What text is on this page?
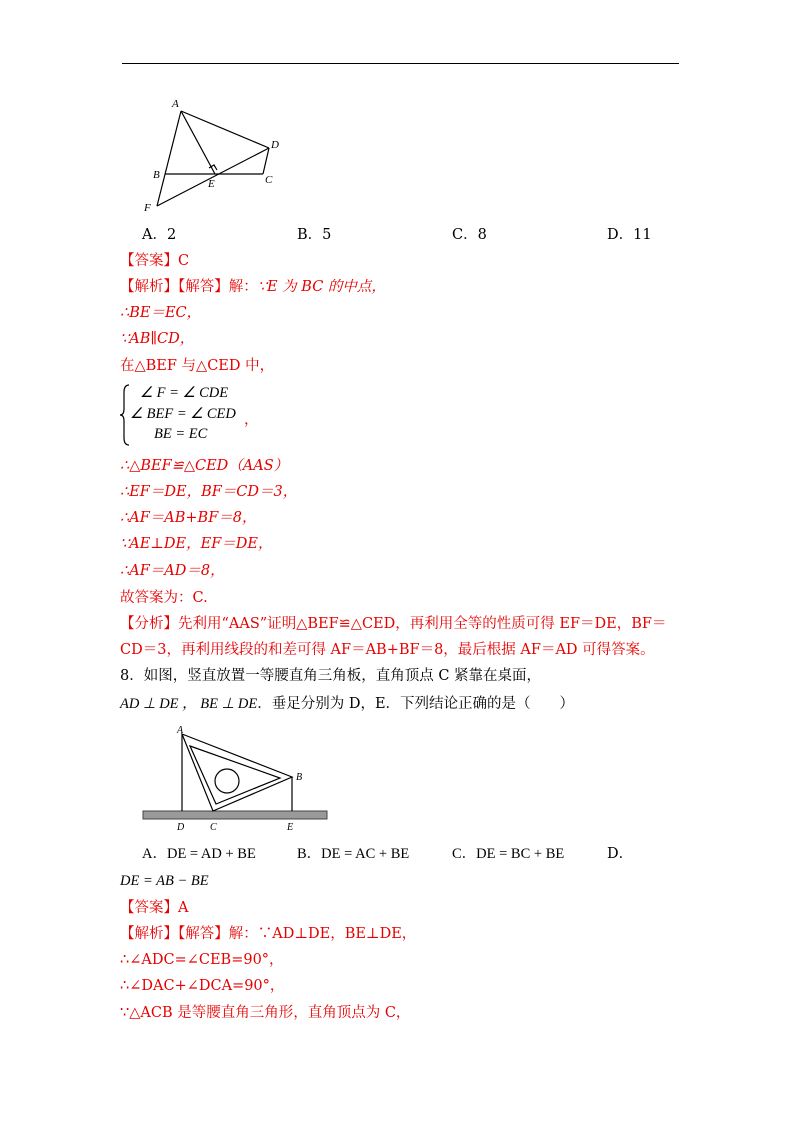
A
D
B
E	C
F
A．2	B．5	C．8	D．11
【答案】C
【解析】【解答】解：∵E 为 BC 的中点，
∴BE＝EC，
∵AB∥CD，
在△BEF 与△CED 中，
∠ F = ∠ CDE
∠ BEF = ∠ CED ，
BE = EC
∴△BEF≌△CED（AAS）
∴EF＝DE，BF＝CD＝3，
∴AF＝AB+BF＝8，
∵AE⊥DE，EF＝DE，
∴AF＝AD＝8，
故答案为：C.
【分析】先利用“AAS”证明△BEF≌△CED，再利用全等的性质可得 EF＝DE，BF＝
CD＝3，再利用线段的和差可得 AF＝AB+BF＝8，最后根据 AF＝AD 可得答案。
8．如图，竖直放置一等腰直角三角板，直角顶点 C 紧靠在桌面，
AD ⊥ DE ， BE ⊥ DE．垂足分别为 D，E．下列结论正确的是（　　）
A
B
D	C	E
A．DE = AD + BE	B．DE = AC + BE	C．DE = BC + BE	D．
DE = AB − BE
【答案】A
【解析】【解答】解：∵AD⊥DE，BE⊥DE，
∴∠ADC=∠CEB=90°，
∴∠DAC+∠DCA=90°，
∵△ACB 是等腰直角三角形，直角顶点为 C，
